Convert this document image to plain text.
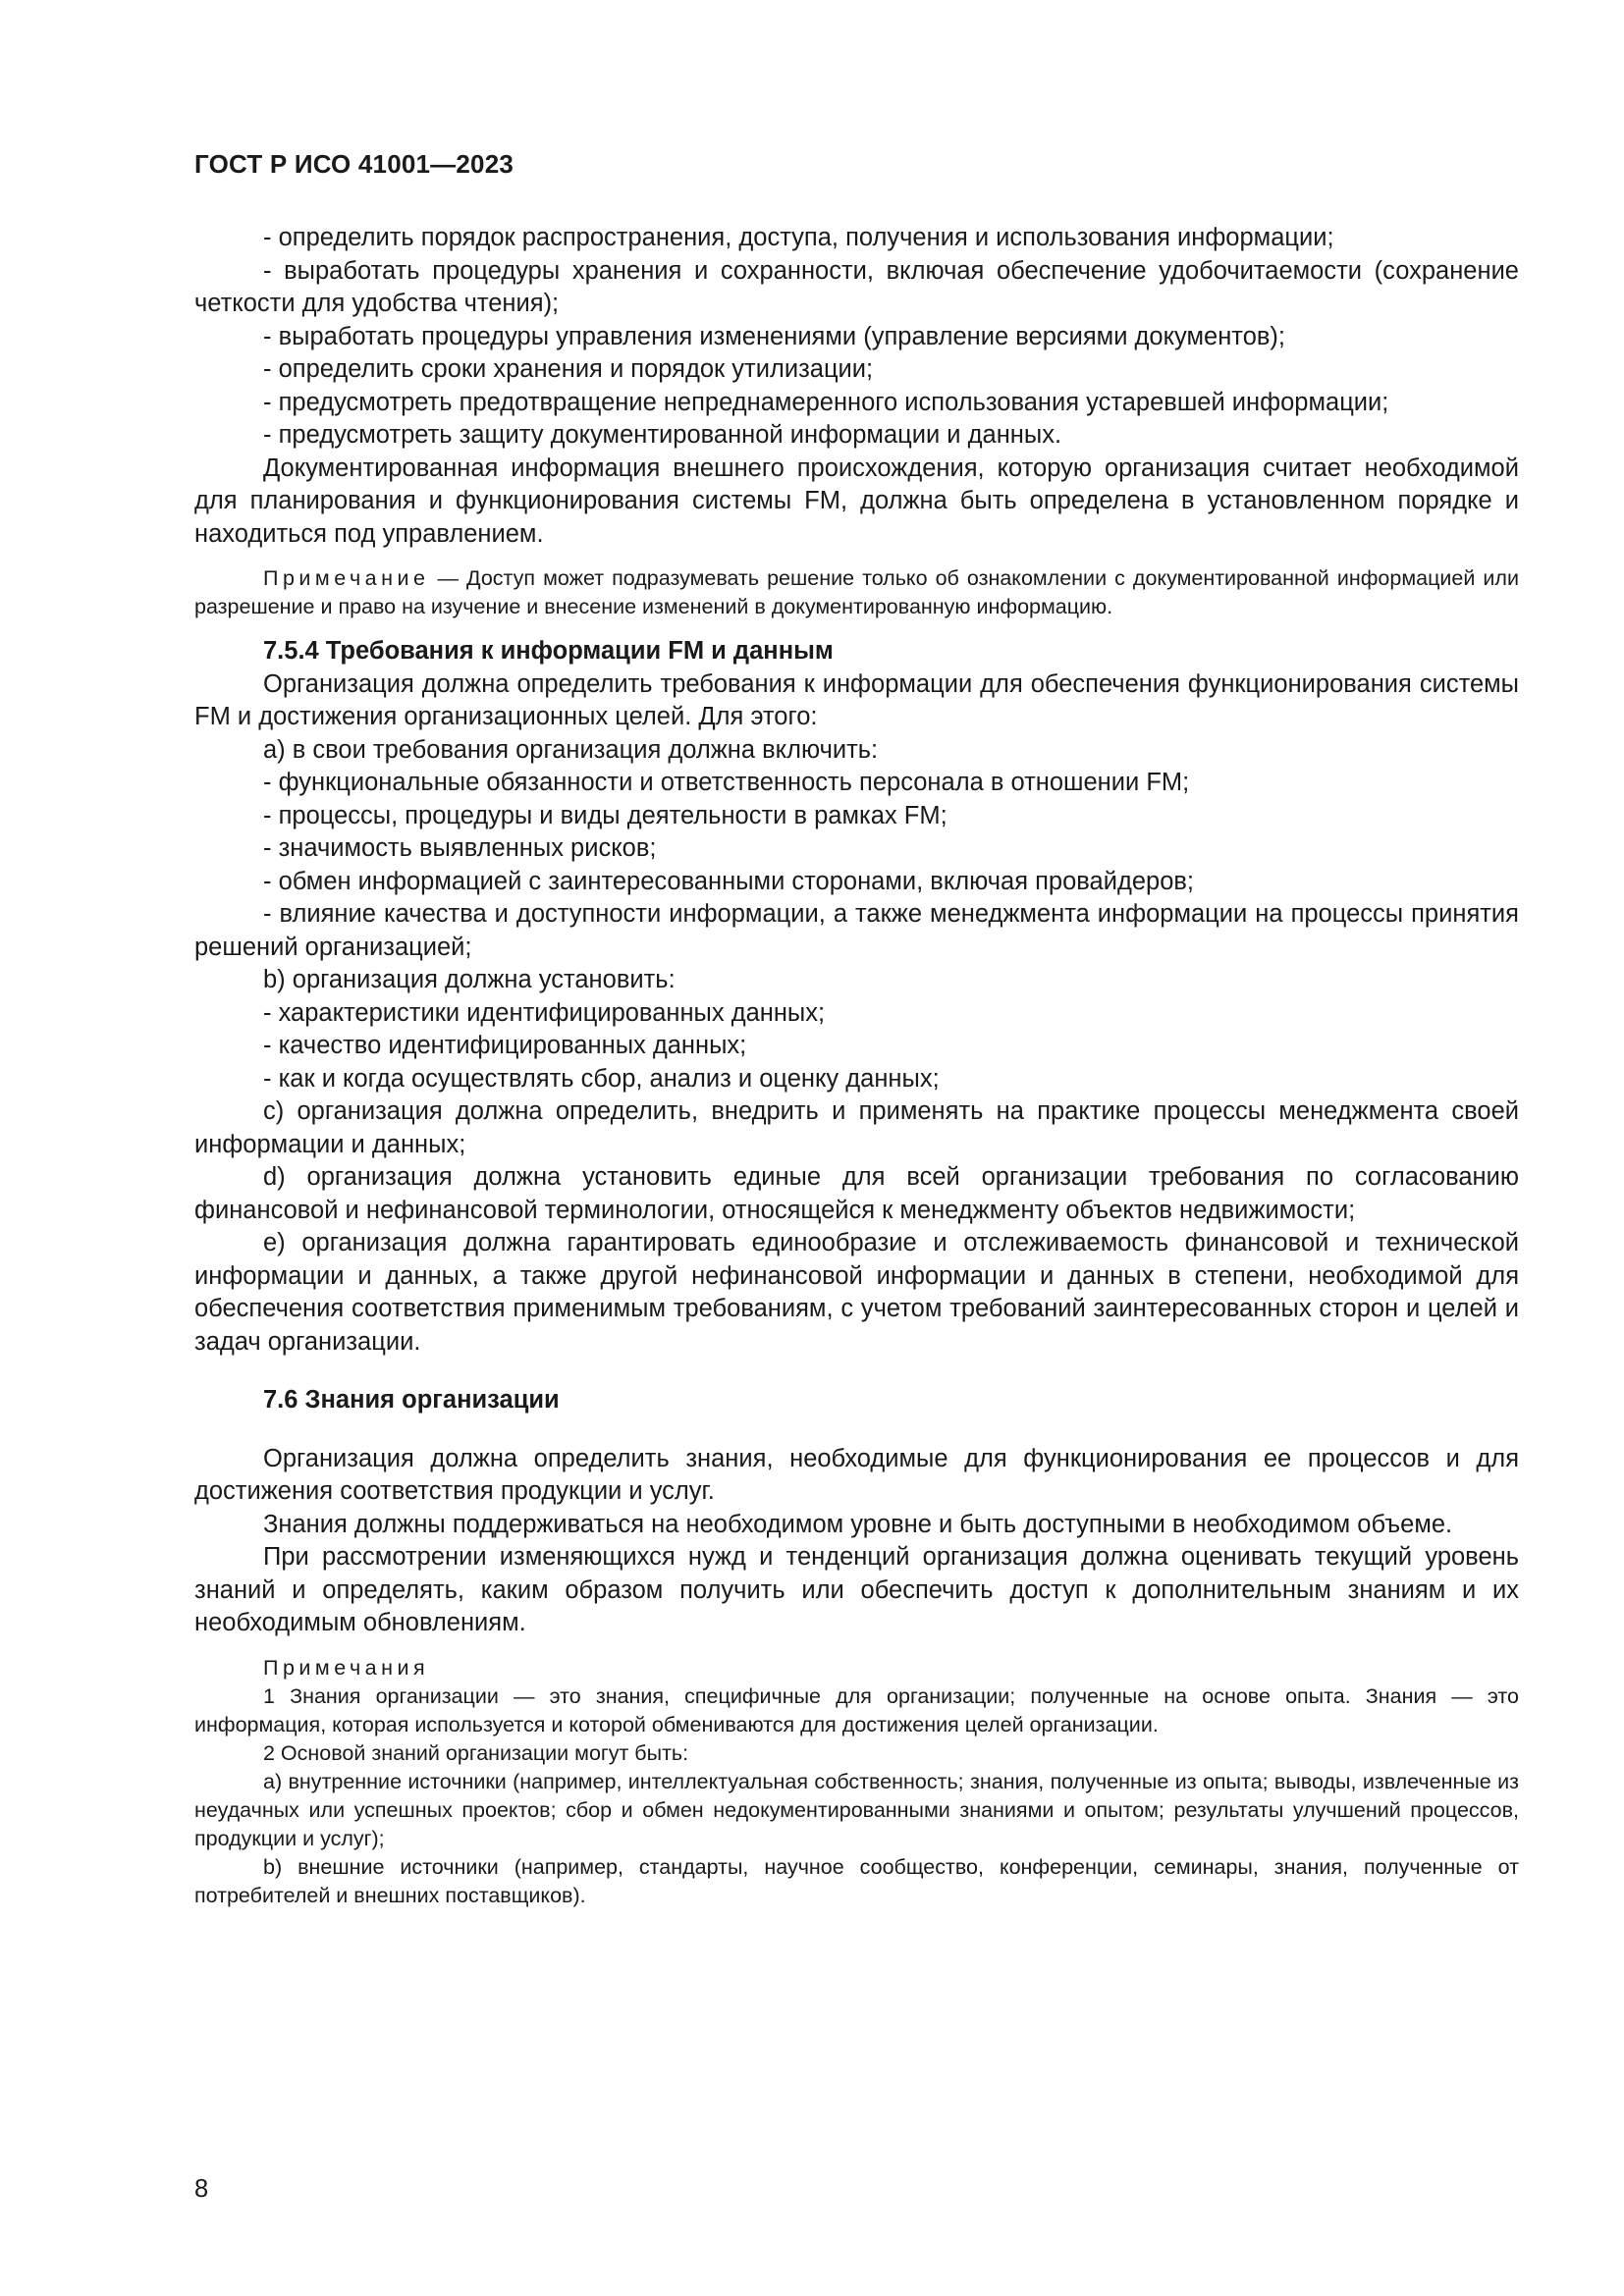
ГОСТ Р ИСО 41001—2023

- определить порядок распространения, доступа, получения и использования информации;

- выработать процедуры хранения и сохранности, включая обеспечение удобочитаемости (сохранение четкости для удобства чтения);

- выработать процедуры управления изменениями (управление версиями документов);

- определить сроки хранения и порядок утилизации;

- предусмотреть предотвращение непреднамеренного использования устаревшей информации;

- предусмотреть защиту документированной информации и данных.

Документированная информация внешнего происхождения, которую организация считает необходимой для планирования и функционирования системы FM, должна быть определена в установленном порядке и находиться под управлением.

Примечание — Доступ может подразумевать решение только об ознакомлении с документированной информацией или разрешение и право на изучение и внесение изменений в документированную информацию.

7.5.4 Требования к информации FM и данным

Организация должна определить требования к информации для обеспечения функционирования системы FM и достижения организационных целей. Для этого:

а) в свои требования организация должна включить:

- функциональные обязанности и ответственность персонала в отношении FM;

- процессы, процедуры и виды деятельности в рамках FM;

- значимость выявленных рисков;

- обмен информацией с заинтересованными сторонами, включая провайдеров;

- влияние качества и доступности информации, а также менеджмента информации на процессы принятия решений организацией;

b) организация должна установить:

- характеристики идентифицированных данных;

- качество идентифицированных данных;

- как и когда осуществлять сбор, анализ и оценку данных;

с) организация должна определить, внедрить и применять на практике процессы менеджмента своей информации и данных;

d) организация должна установить единые для всей организации требования по согласованию финансовой и нефинансовой терминологии, относящейся к менеджменту объектов недвижимости;

е) организация должна гарантировать единообразие и отслеживаемость финансовой и технической информации и данных, а также другой нефинансовой информации и данных в степени, необходимой для обеспечения соответствия применимым требованиям, с учетом требований заинтересованных сторон и целей и задач организации.

7.6 Знания организации

Организация должна определить знания, необходимые для функционирования ее процессов и для достижения соответствия продукции и услуг.

Знания должны поддерживаться на необходимом уровне и быть доступными в необходимом объеме.

При рассмотрении изменяющихся нужд и тенденций организация должна оценивать текущий уровень знаний и определять, каким образом получить или обеспечить доступ к дополнительным знаниям и их необходимым обновлениям.

Примечания

1 Знания организации — это знания, специфичные для организации; полученные на основе опыта. Знания — это информация, которая используется и которой обмениваются для достижения целей организации.

2 Основой знаний организации могут быть:

а) внутренние источники (например, интеллектуальная собственность; знания, полученные из опыта; выводы, извлеченные из неудачных или успешных проектов; сбор и обмен недокументированными знаниями и опытом; результаты улучшений процессов, продукции и услуг);

b) внешние источники (например, стандарты, научное сообщество, конференции, семинары, знания, полученные от потребителей и внешних поставщиков).

8
